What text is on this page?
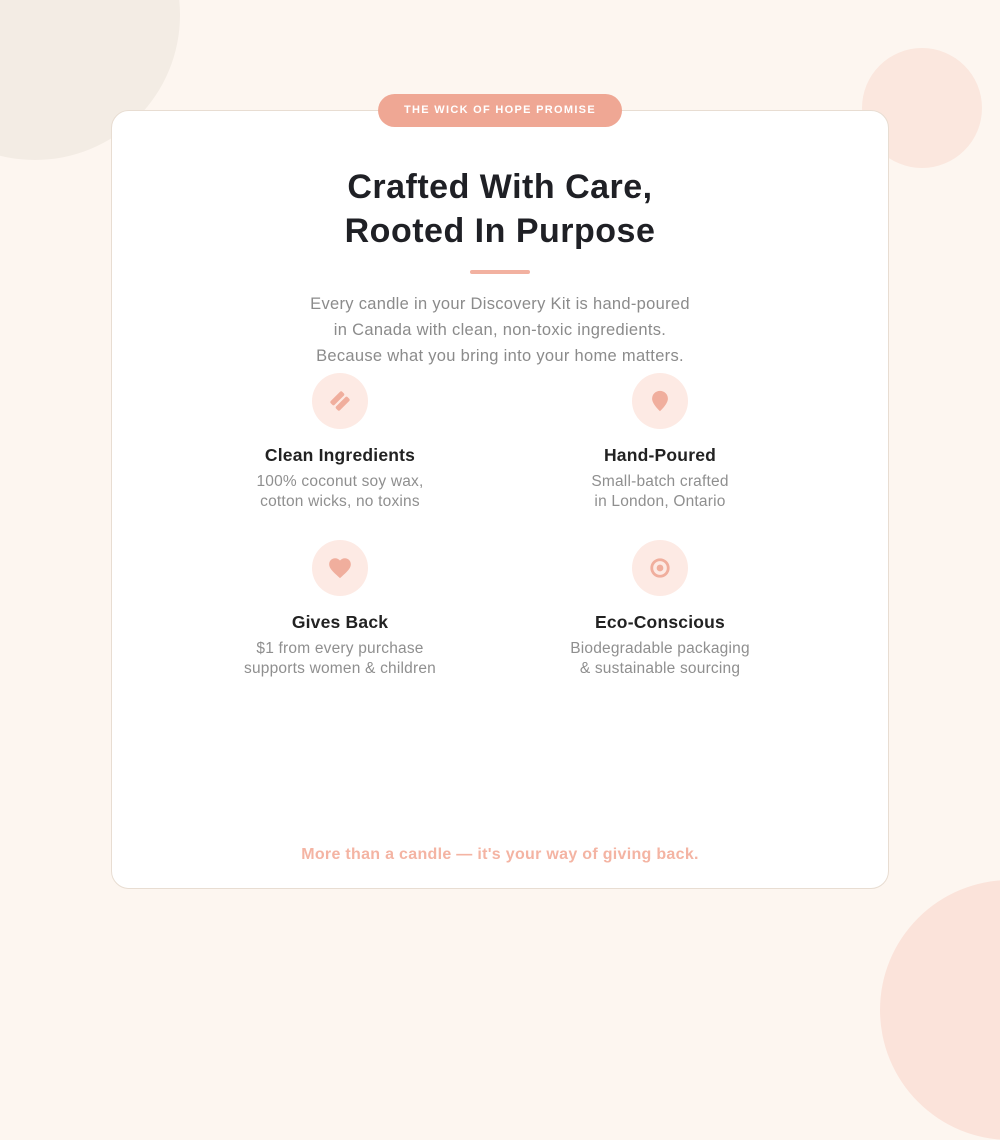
THE WICK OF HOPE PROMISE
Crafted With Care,
Rooted In Purpose

Every candle in your Discovery Kit is hand-poured
in Canada with clean, non-toxic ingredients.
Because what you bring into your home matters.

Clean Ingredients
100% coconut soy wax,
cotton wicks, no toxins
Hand-Poured
Small-batch crafted
in London, Ontario
Gives Back
$1 from every purchase
supports women & children
Eco-Conscious
Biodegradable packaging
& sustainable sourcing
More than a candle — it's your way of giving back.
